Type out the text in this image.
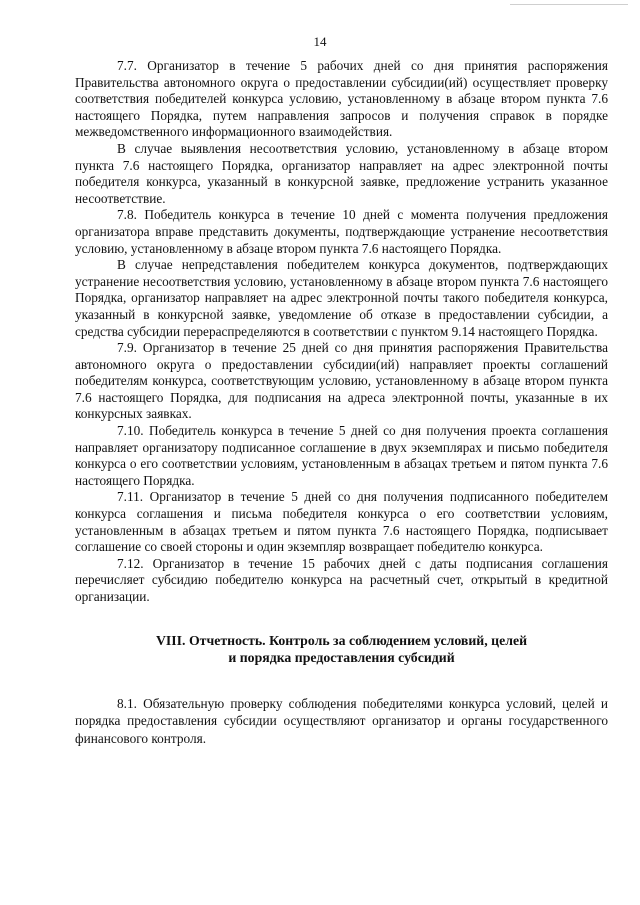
14

7.7. Организатор в течение 5 рабочих дней со дня принятия распоряжения Правительства автономного округа о предоставлении субсидии(ий) осуществляет проверку соответствия победителей конкурса условию, установленному в абзаце втором пункта 7.6 настоящего Порядка, путем направления запросов и получения справок в порядке межведомственного информационного взаимодействия.

В случае выявления несоответствия условию, установленному в абзаце втором пункта 7.6 настоящего Порядка, организатор направляет на адрес электронной почты победителя конкурса, указанный в конкурсной заявке, предложение устранить указанное несоответствие.

7.8. Победитель конкурса в течение 10 дней с момента получения предложения организатора вправе представить документы, подтверждающие устранение несоответствия условию, установленному в абзаце втором пункта 7.6 настоящего Порядка.

В случае непредставления победителем конкурса документов, подтверждающих устранение несоответствия условию, установленному в абзаце втором пункта 7.6 настоящего Порядка, организатор направляет на адрес электронной почты такого победителя конкурса, указанный в конкурсной заявке, уведомление об отказе в предоставлении субсидии, а средства субсидии перераспределяются в соответствии с пунктом 9.14 настоящего Порядка.

7.9. Организатор в течение 25 дней со дня принятия распоряжения Правительства автономного округа о предоставлении субсидии(ий) направляет проекты соглашений победителям конкурса, соответствующим условию, установленному в абзаце втором пункта 7.6 настоящего Порядка, для подписания на адреса электронной почты, указанные в их конкурсных заявках.

7.10. Победитель конкурса в течение 5 дней со дня получения проекта соглашения направляет организатору подписанное соглашение в двух экземплярах и письмо победителя конкурса о его соответствии условиям, установленным в абзацах третьем и пятом пункта 7.6 настоящего Порядка.

7.11. Организатор в течение 5 дней со дня получения подписанного победителем конкурса соглашения и письма победителя конкурса о его соответствии условиям, установленным в абзацах третьем и пятом пункта 7.6 настоящего Порядка, подписывает соглашение со своей стороны и один экземпляр возвращает победителю конкурса.

7.12. Организатор в течение 15 рабочих дней с даты подписания соглашения перечисляет субсидию победителю конкурса на расчетный счет, открытый в кредитной организации.

VIII. Отчетность. Контроль за соблюдением условий, целей
и порядка предоставления субсидий

8.1. Обязательную проверку соблюдения победителями конкурса условий, целей и порядка предоставления субсидии осуществляют организатор и органы государственного финансового контроля.
